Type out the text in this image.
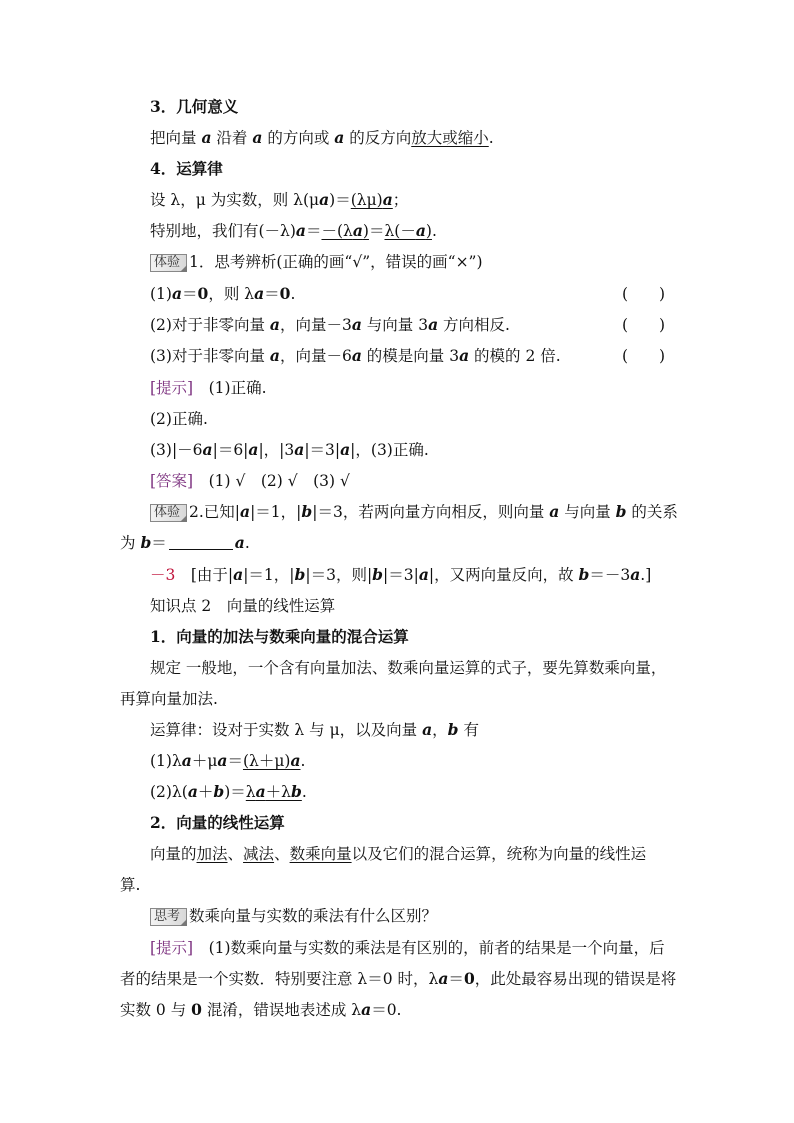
3．几何意义
把向量 a 沿着 a 的方向或 a 的反方向放大或缩小.
4．运算律
设 λ，μ 为实数，则 λ(μa)＝(λμ)a；
特别地，我们有(－λ)a＝－(λa)＝λ(－a).
体验 1．思考辨析(正确的画“√”，错误的画“×”)
(1)a＝0，则 λa＝0.	(　　)
(2)对于非零向量 a，向量－3a 与向量 3a 方向相反.	(　　)
(3)对于非零向量 a，向量－6a 的模是向量 3a 的模的 2 倍.	(　　)
[提示]　(1)正确.
(2)正确.
(3)|－6a|＝6|a|，|3a|＝3|a|，(3)正确.
[答案]　(1) √　(2) √　(3) √
体验 2.已知|a|＝1，|b|＝3，若两向量方向相反，则向量 a 与向量 b 的关系
为 b＝	a.
－3　[由于|a|＝1，|b|＝3，则|b|＝3|a|，又两向量反向，故 b＝－3a.]
知识点 2　向量的线性运算
1．向量的加法与数乘向量的混合运算
规定 一般地，一个含有向量加法、数乘向量运算的式子，要先算数乘向量，
再算向量加法.
运算律：设对于实数 λ 与 μ，以及向量 a，b 有
(1)λa＋μa＝(λ＋μ)a.
(2)λ(a＋b)＝λa＋λb.
2．向量的线性运算
向量的加法、减法、数乘向量以及它们的混合运算，统称为向量的线性运
算.
思考 数乘向量与实数的乘法有什么区别？
[提示]　(1)数乘向量与实数的乘法是有区别的，前者的结果是一个向量，后
者的结果是一个实数．特别要注意 λ＝0 时，λa＝0，此处最容易出现的错误是将
实数 0 与 0 混淆，错误地表述成 λa＝0.
